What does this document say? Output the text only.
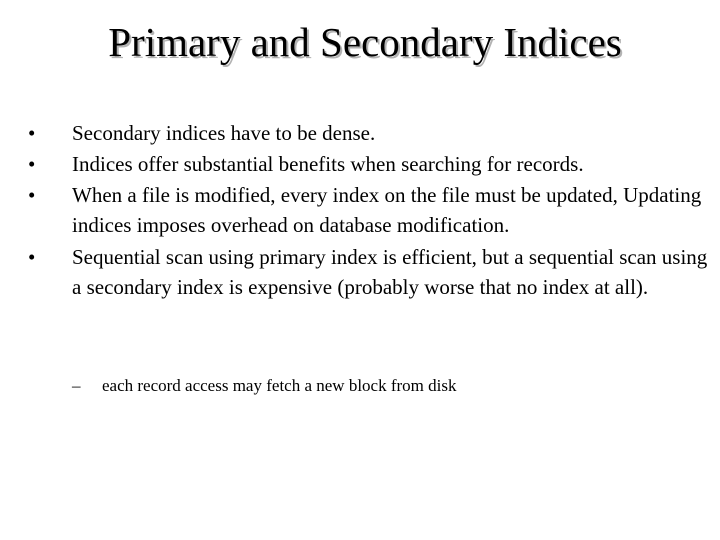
Primary and Secondary Indices
•	Secondary indices have to be dense.
•	Indices offer substantial benefits when searching for records.
•	When a file is modified, every index on the file must be updated, Updating indices imposes overhead on database modification.
•	Sequential scan using primary index is efficient, but a sequential scan using a secondary index is expensive (probably worse that no index at all).
– each record access may fetch a new block from disk
